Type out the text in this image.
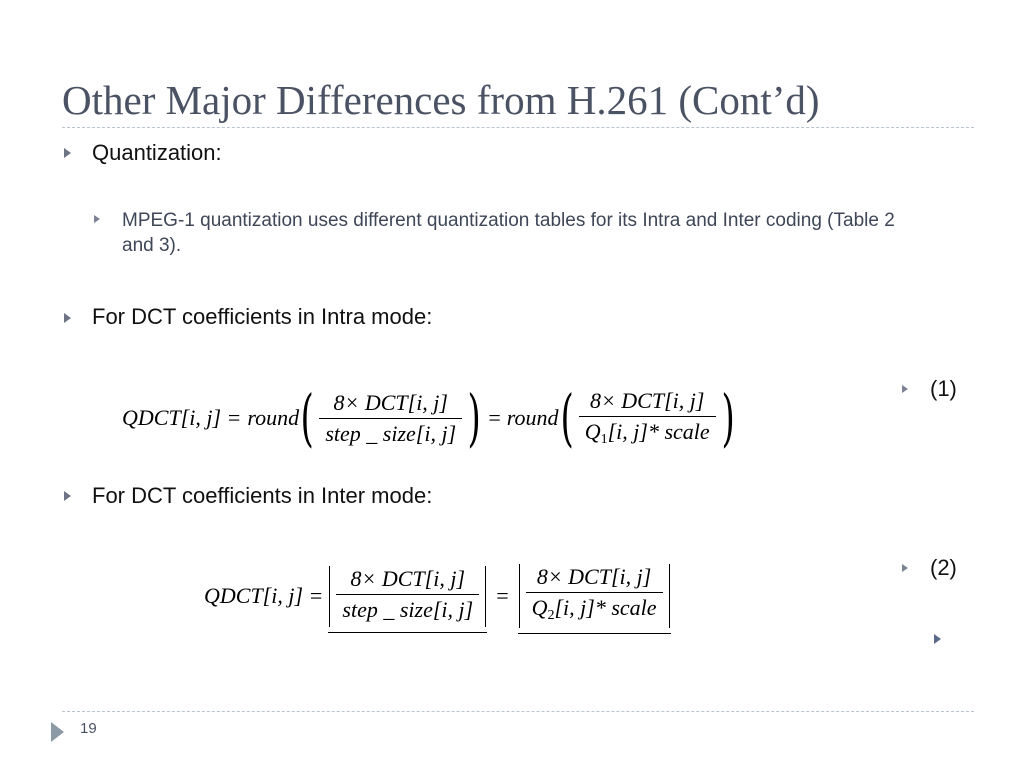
Other Major Differences from H.261 (Cont’d)

Quantization:

MPEG-1 quantization uses different quantization tables for its Intra and Inter coding (Table 2 and 3).

For DCT coefficients in Intra mode:

QDCT[i, j] = round ( $\frac{\text{8× DCT[i, j]}}{\text{step \_ size[i, j]}}$ ) = round ( $\frac{\text{8× DCT[i, j]}}{Q_1[i, j]* scale}$ )	(1)

For DCT coefficients in Inter mode:

QDCT[i, $j] = \frac{\text{8× DCT[i, j]}}{\text{step \_ size[i, j]}} = \frac{\text{8× DCT[i, j]}}{Q_2[i, j]* scale}$	(2)

19
